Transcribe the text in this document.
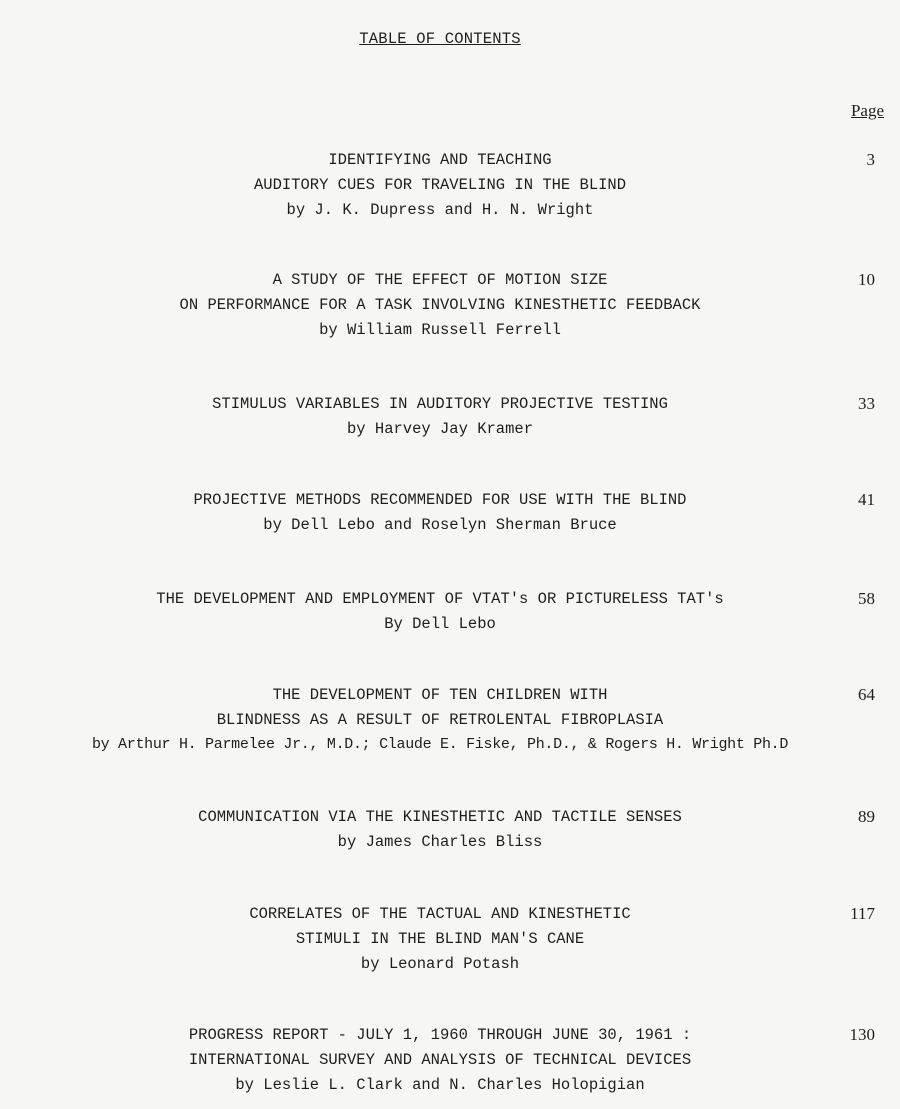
TABLE OF CONTENTS
Page
IDENTIFYING AND TEACHING
AUDITORY CUES FOR TRAVELING IN THE BLIND
by J. K. Dupress and H. N. Wright
3
A STUDY OF THE EFFECT OF MOTION SIZE
ON PERFORMANCE FOR A TASK INVOLVING KINESTHETIC FEEDBACK
by William Russell Ferrell
10
STIMULUS VARIABLES IN AUDITORY PROJECTIVE TESTING
by Harvey Jay Kramer
33
PROJECTIVE METHODS RECOMMENDED FOR USE WITH THE BLIND
by Dell Lebo and Roselyn Sherman Bruce
41
THE DEVELOPMENT AND EMPLOYMENT OF VTAT's OR PICTURELESS TAT's
By Dell Lebo
58
THE DEVELOPMENT OF TEN CHILDREN WITH
BLINDNESS AS A RESULT OF RETROLENTAL FIBROPLASIA
by Arthur H. Parmelee Jr., M.D.; Claude E. Fiske, Ph.D., & Rogers H. Wright Ph.D
64
COMMUNICATION VIA THE KINESTHETIC AND TACTILE SENSES
by James Charles Bliss
89
CORRELATES OF THE TACTUAL AND KINESTHETIC
STIMULI IN THE BLIND MAN'S CANE
by Leonard Potash
117
PROGRESS REPORT - JULY 1, 1960 THROUGH JUNE 30, 1961 :
INTERNATIONAL SURVEY AND ANALYSIS OF TECHNICAL DEVICES
by Leslie L. Clark and N. Charles Holopigian
130
